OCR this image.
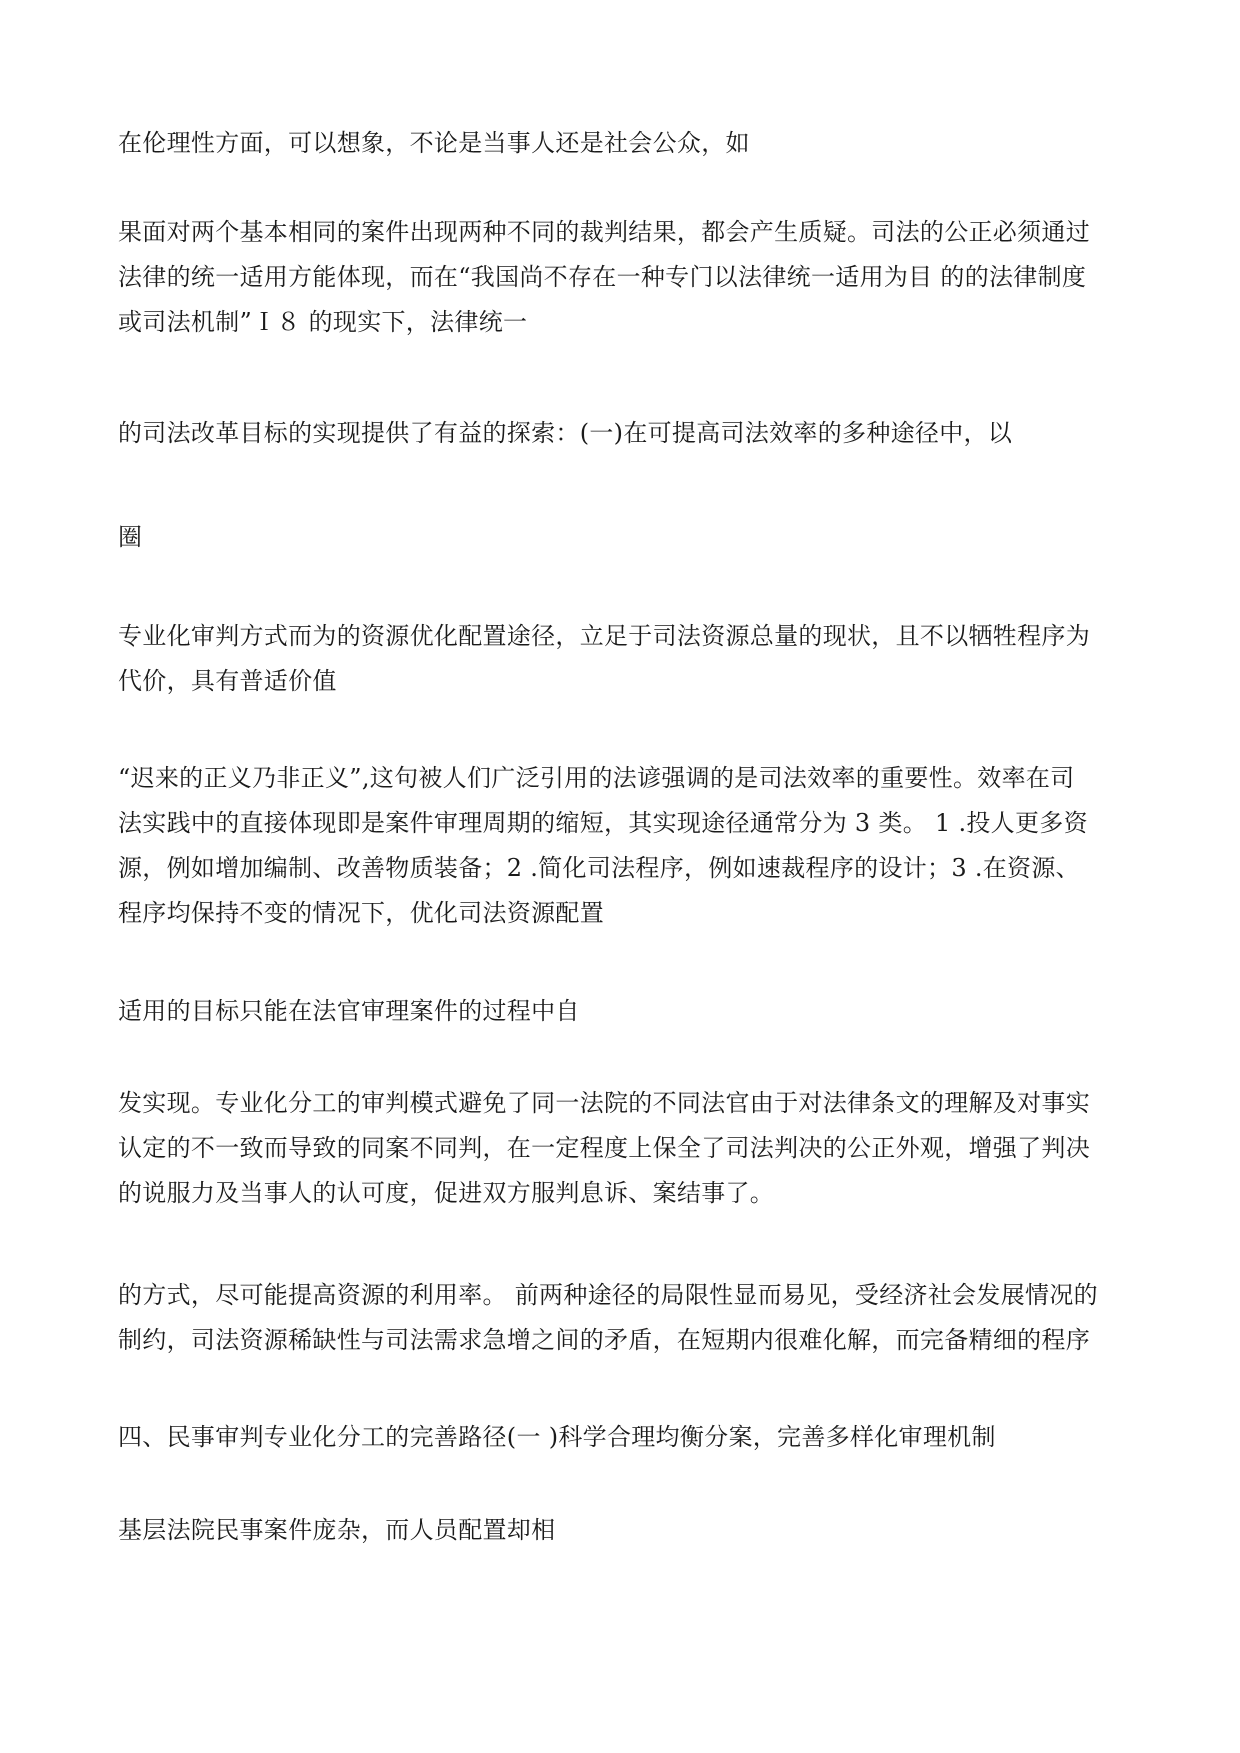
在伦理性方面，可以想象，不论是当事人还是社会公众，如

果面对两个基本相同的案件出现两种不同的裁判结果，都会产生质疑。司法的公正必须通过
法律的统一适用方能体现，而在“我国尚不存在一种专门以法律统一适用为目 的的法律制度
或司法机制”Ｉ８ 的现实下，法律统一

的司法改革目标的实现提供了有益的探索：(一)在可提高司法效率的多种途径中，以

圈

专业化审判方式而为的资源优化配置途径，立足于司法资源总量的现状，且不以牺牲程序为
代价，具有普适价值

“迟来的正义乃非正义”,这句被人们广泛引用的法谚强调的是司法效率的重要性。效率在司
法实践中的直接体现即是案件审理周期的缩短，其实现途径通常分为 3 类。 1 .投人更多资
源，例如增加编制、改善物质装备；2 .简化司法程序，例如速裁程序的设计；3 .在资源、
程序均保持不变的情况下，优化司法资源配置

适用的目标只能在法官审理案件的过程中自

发实现。专业化分工的审判模式避免了同一法院的不同法官由于对法律条文的理解及对事实
认定的不一致而导致的同案不同判，在一定程度上保全了司法判决的公正外观，增强了判决
的说服力及当事人的认可度，促进双方服判息诉、案结事了。

的方式，尽可能提高资源的利用率。 前两种途径的局限性显而易见，受经济社会发展情况的
制约，司法资源稀缺性与司法需求急增之间的矛盾，在短期内很难化解，而完备精细的程序

四、民事审判专业化分工的完善路径(一 )科学合理均衡分案，完善多样化审理机制

基层法院民事案件庞杂，而人员配置却相
